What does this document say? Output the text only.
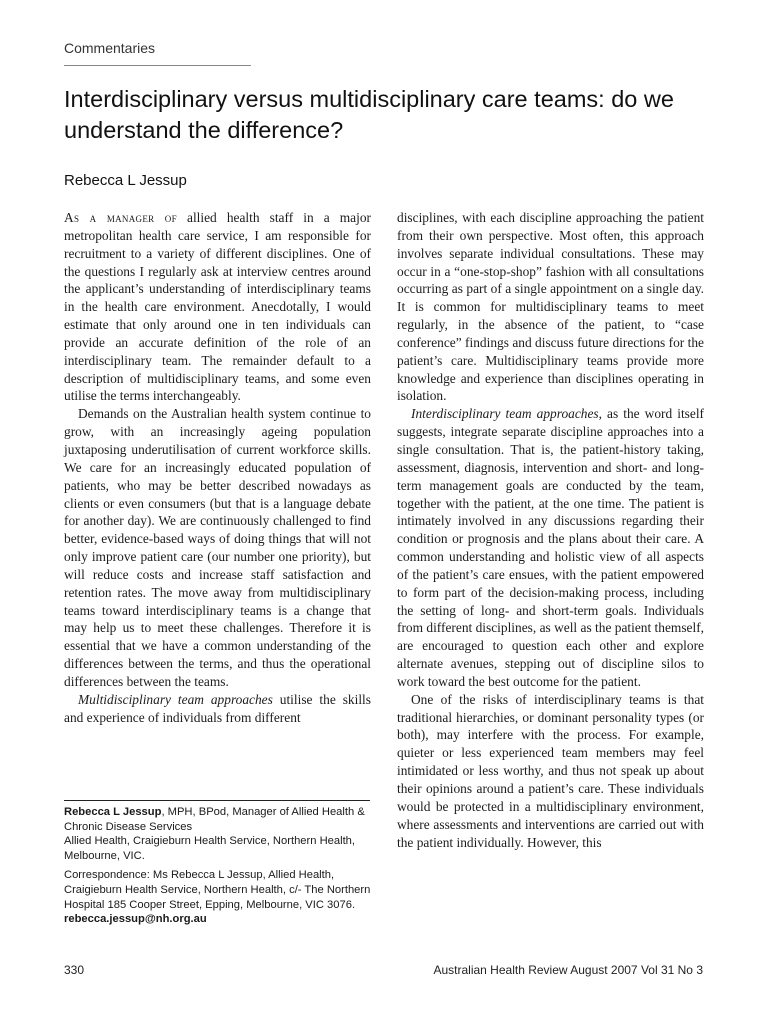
Commentaries
Interdisciplinary versus multidisciplinary care teams: do we understand the difference?
Rebecca L Jessup

As a manager of allied health staff in a major metropolitan health care service, I am responsible for recruitment to a variety of different disciplines. One of the questions I regularly ask at interview centres around the applicant’s understanding of interdisciplinary teams in the health care environment. Anecdotally, I would estimate that only around one in ten individuals can provide an accurate definition of the role of an interdisciplinary team. The remainder default to a description of multidisciplinary teams, and some even utilise the terms interchangeably.

Demands on the Australian health system continue to grow, with an increasingly ageing population juxtaposing underutilisation of current workforce skills. We care for an increasingly educated population of patients, who may be better described nowadays as clients or even consumers (but that is a language debate for another day). We are continuously challenged to find better, evidence-based ways of doing things that will not only improve patient care (our number one priority), but will reduce costs and increase staff satisfaction and retention rates. The move away from multidisciplinary teams toward interdisciplinary teams is a change that may help us to meet these challenges. Therefore it is essential that we have a common understanding of the differences between the terms, and thus the operational differences between the teams.

Multidisciplinary team approaches utilise the skills and experience of individuals from different

disciplines, with each discipline approaching the patient from their own perspective. Most often, this approach involves separate individual consultations. These may occur in a “one-stop-shop” fashion with all consultations occurring as part of a single appointment on a single day. It is common for multidisciplinary teams to meet regularly, in the absence of the patient, to “case conference” findings and discuss future directions for the patient’s care. Multidisciplinary teams provide more knowledge and experience than disciplines operating in isolation.

Interdisciplinary team approaches, as the word itself suggests, integrate separate discipline approaches into a single consultation. That is, the patient-history taking, assessment, diagnosis, intervention and short- and long-term management goals are conducted by the team, together with the patient, at the one time. The patient is intimately involved in any discussions regarding their condition or prognosis and the plans about their care. A common understanding and holistic view of all aspects of the patient’s care ensues, with the patient empowered to form part of the decision-making process, including the setting of long- and short-term goals. Individuals from different disciplines, as well as the patient themself, are encouraged to question each other and explore alternate avenues, stepping out of discipline silos to work toward the best outcome for the patient.

One of the risks of interdisciplinary teams is that traditional hierarchies, or dominant personality types (or both), may interfere with the process. For example, quieter or less experienced team members may feel intimidated or less worthy, and thus not speak up about their opinions around a patient’s care. These individuals would be protected in a multidisciplinary environment, where assessments and interventions are carried out with the patient individually. However, this

Rebecca L Jessup, MPH, BPod, Manager of Allied Health & Chronic Disease Services
Allied Health, Craigieburn Health Service, Northern Health, Melbourne, VIC.

Correspondence: Ms Rebecca L Jessup, Allied Health, Craigieburn Health Service, Northern Health, c/- The Northern Hospital 185 Cooper Street, Epping, Melbourne, VIC 3076. rebecca.jessup@nh.org.au

330	Australian Health Review August 2007 Vol 31 No 3
